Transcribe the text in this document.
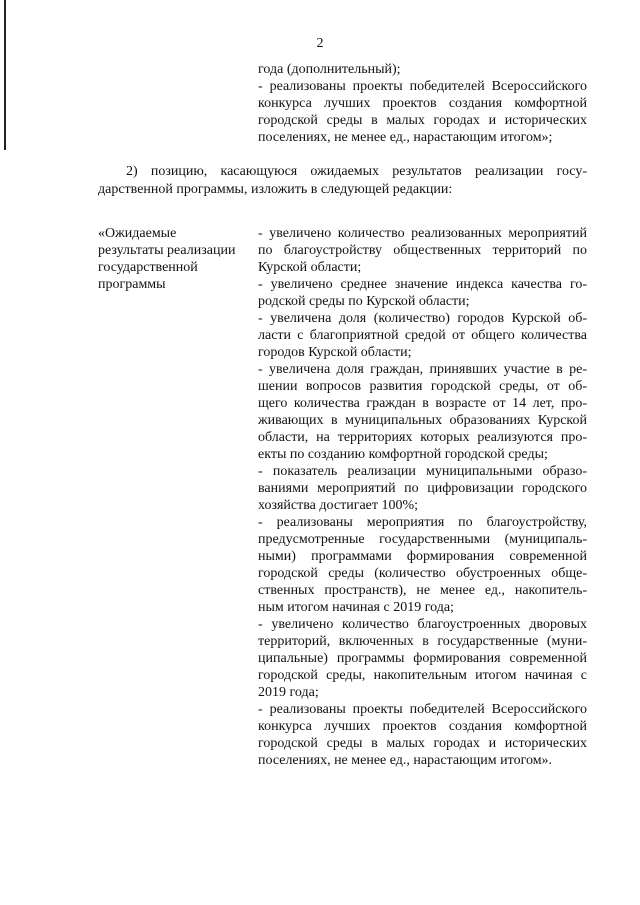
2
года (дополнительный);
- реализованы проекты победителей Всероссийского
конкурса лучших проектов создания комфортной
городской среды в малых городах и исторических
поселениях, не менее ед., нарастающим итогом»;
2) позицию, касающуюся ожидаемых результатов реализации госу-
дарственной программы, изложить в следующей редакции:
«Ожидаемые
результаты реализации
государственной
программы
- увеличено количество реализованных мероприятий
по благоустройству общественных территорий по
Курской области;
- увеличено среднее значение индекса качества го-
родской среды по Курской области;
- увеличена доля (количество) городов Курской об-
ласти с благоприятной средой от общего количества
городов Курской области;
- увеличена доля граждан, принявших участие в ре-
шении вопросов развития городской среды, от об-
щего количества граждан в возрасте от 14 лет, про-
живающих в муниципальных образованиях Курской
области, на территориях которых реализуются про-
екты по созданию комфортной городской среды;
- показатель реализации муниципальными образо-
ваниями мероприятий по цифровизации городского
хозяйства достигает 100%;
- реализованы мероприятия по благоустройству,
предусмотренные государственными (муниципаль-
ными) программами формирования современной
городской среды (количество обустроенных обще-
ственных пространств), не менее ед., накопитель-
ным итогом начиная с 2019 года;
- увеличено количество благоустроенных дворовых
территорий, включенных в государственные (муни-
ципальные) программы формирования современной
городской среды, накопительным итогом начиная с
2019 года;
- реализованы проекты победителей Всероссийского
конкурса лучших проектов создания комфортной
городской среды в малых городах и исторических
поселениях, не менее ед., нарастающим итогом».
